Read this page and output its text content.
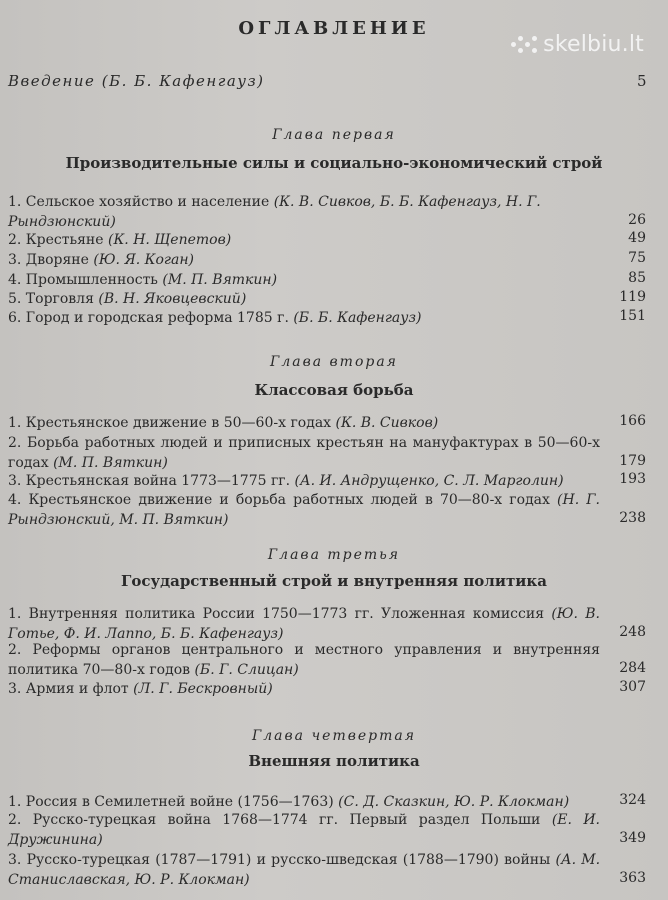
skelbiu.lt
ОГЛАВЛЕНИЕ
Введение (Б. Б. Кафенгауз)	5
Глава первая
Производительные силы и социально-экономический строй
1. Сельское хозяйство и население (К. В. Сивков, Б. Б. Кафенгауз, Н. Г. Рындзюнский)	26
2. Крестьяне (К. Н. Щепетов)	49
3. Дворяне (Ю. Я. Коган)	75
4. Промышленность (М. П. Вяткин)	85
5. Торговля (В. Н. Яковцевский)	119
6. Город и городская реформа 1785 г. (Б. Б. Кафенгауз)	151
Глава вторая
Классовая борьба
1. Крестьянское движение в 50—60-х годах (К. В. Сивков)	166
2. Борьба работных людей и приписных крестьян на мануфактурах в 50—60-х годах (М. П. Вяткин)	179
3. Крестьянская война 1773—1775 гг. (А. И. Андрущенко, С. Л. Марголин)	193
4. Крестьянское движение и борьба работных людей в 70—80-х годах (Н. Г. Рындзюнский, М. П. Вяткин)	238
Глава третья
Государственный строй и внутренняя политика
1. Внутренняя политика России 1750—1773 гг. Уложенная комиссия (Ю. В. Готье, Ф. И. Лаппо, Б. Б. Кафенгауз)	248
2. Реформы органов центрального и местного управления и внутренняя политика 70—80-х годов (Б. Г. Слицан)	284
3. Армия и флот (Л. Г. Бескровный)	307
Глава четвертая
Внешняя политика
1. Россия в Семилетней войне (1756—1763) (С. Д. Сказкин, Ю. Р. Клокман)	324
2. Русско-турецкая война 1768—1774 гг. Первый раздел Польши (Е. И. Дружинина)	349
3. Русско-турецкая (1787—1791) и русско-шведская (1788—1790) войны (А. М. Станиславская, Ю. Р. Клокман)	363
